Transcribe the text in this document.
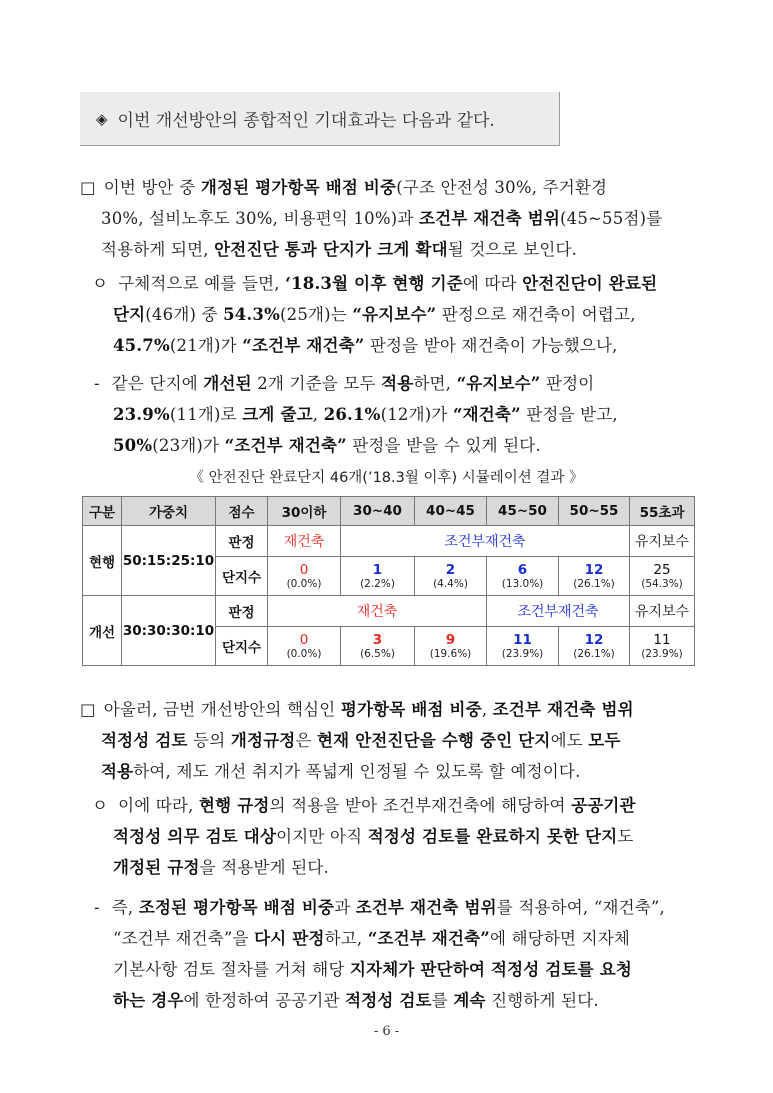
◈ 이번 개선방안의 종합적인 기대효과는 다음과 같다.
□ 이번 방안 중 개정된 평가항목 배점 비중(구조 안전성 30%, 주거환경
30%, 설비노후도 30%, 비용편익 10%)과 조건부 재건축 범위(45~55점)를
적용하게 되면, 안전진단 통과 단지가 크게 확대될 것으로 보인다.
ㅇ 구체적으로 예를 들면, ‘18.3월 이후 현행 기준에 따라 안전진단이 완료된
단지(46개) 중 54.3%(25개)는 “유지보수” 판정으로 재건축이 어렵고,
45.7%(21개)가 “조건부 재건축” 판정을 받아 재건축이 가능했으나,
- 같은 단지에 개선된 2개 기준을 모두 적용하면, “유지보수” 판정이
23.9%(11개)로 크게 줄고, 26.1%(12개)가 “재건축” 판정을 받고,
50%(23개)가 “조건부 재건축” 판정을 받을 수 있게 된다.
《 안전진단 완료단지 46개(’18.3월 이후) 시뮬레이션 결과 》
구분	가중치	점수	30이하	30~40	40~45	45~50	50~55	55초과
현행	50:15:25:10	판정	재건축	조건부재건축				유지보수
		단지수	0
(0.0%)	1
(2.2%)	2
(4.4%)	6
(13.0%)	12
(26.1%)	25
(54.3%)

개선	30:30:30:10	판정	재건축			조건부재건축		유지보수
		단지수	0
(0.0%)	3
(6.5%)	9
(19.6%)	11
(23.9%)	12
(26.1%)	11
(23.9%)
□ 아울러, 금번 개선방안의 핵심인 평가항목 배점 비중, 조건부 재건축 범위
적정성 검토 등의 개정규정은 현재 안전진단을 수행 중인 단지에도 모두
적용하여, 제도 개선 취지가 폭넓게 인정될 수 있도록 할 예정이다.
ㅇ 이에 따라, 현행 규정의 적용을 받아 조건부재건축에 해당하여 공공기관
적정성 의무 검토 대상이지만 아직 적정성 검토를 완료하지 못한 단지도
개정된 규정을 적용받게 된다.
- 즉, 조정된 평가항목 배점 비중과 조건부 재건축 범위를 적용하여, “재건축”,
“조건부 재건축”을 다시 판정하고, “조건부 재건축”에 해당하면 지자체
기본사항 검토 절차를 거쳐 해당 지자체가 판단하여 적정성 검토를 요청
하는 경우에 한정하여 공공기관 적정성 검토를 계속 진행하게 된다.
- 6 -
